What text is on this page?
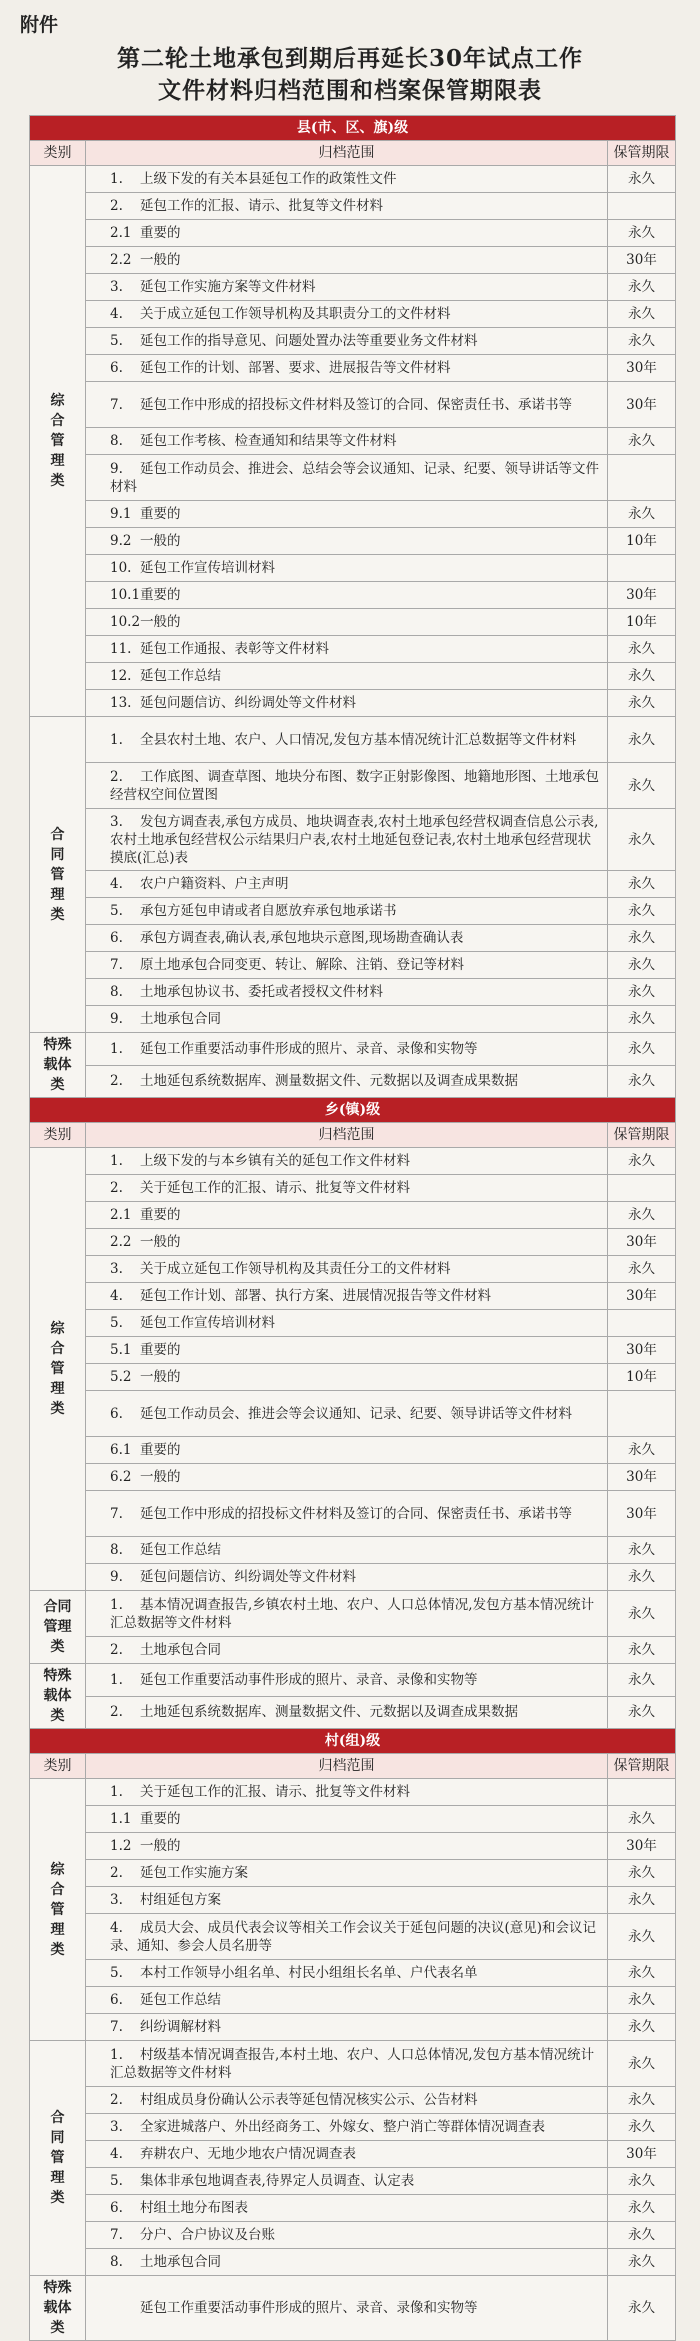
附件
第二轮土地承包到期后再延长30年试点工作
文件材料归档范围和档案保管期限表
县(市、区、旗)级		
类别	归档范围	保管期限
综合管理类	1. 上级下发的有关本县延包工作的政策性文件	永久
	2. 延包工作的汇报、请示、批复等文件材料	
	2.1 重要的	永久
	2.2 一般的	30年
	3. 延包工作实施方案等文件材料	永久
	4. 关于成立延包工作领导机构及其职责分工的文件材料	永久
	5. 延包工作的指导意见、问题处置办法等重要业务文件材料	永久
	6. 延包工作的计划、部署、要求、进展报告等文件材料	30年
	7. 延包工作中形成的招投标文件材料及签订的合同、保密责任书、承诺书等	30年
	8. 延包工作考核、检查通知和结果等文件材料	永久
	9. 延包工作动员会、推进会、总结会等会议通知、记录、纪要、领导讲话等文件材料	
	9.1 重要的	永久
	9.2 一般的	10年
	10. 延包工作宣传培训材料	
	10.1重要的	30年
	10.2一般的	10年
	11. 延包工作通报、表彰等文件材料	永久
	12. 延包工作总结	永久
	13. 延包问题信访、纠纷调处等文件材料	永久
合同管理类	1. 全县农村土地、农户、人口情况,发包方基本情况统计汇总数据等文件材料	永久
	2. 工作底图、调查草图、地块分布图、数字正射影像图、地籍地形图、土地承包经营权空间位置图	永久
	3. 发包方调查表,承包方成员、地块调查表,农村土地承包经营权调查信息公示表,农村土地承包经营权公示结果归户表,农村土地延包登记表,农村土地承包经营现状摸底(汇总)表	永久
	4. 农户户籍资料、户主声明	永久
	5. 承包方延包申请或者自愿放弃承包地承诺书	永久
	6. 承包方调查表,确认表,承包地块示意图,现场勘查确认表	永久
	7. 原土地承包合同变更、转让、解除、注销、登记等材料	永久
	8. 土地承包协议书、委托或者授权文件材料	永久
	9. 土地承包合同	永久
特殊载体类	1. 延包工作重要活动事件形成的照片、录音、录像和实物等	永久
	2. 土地延包系统数据库、测量数据文件、元数据以及调查成果数据	永久
乡(镇)级		
类别	归档范围	保管期限
综合管理类	1. 上级下发的与本乡镇有关的延包工作文件材料	永久
	2. 关于延包工作的汇报、请示、批复等文件材料	
	2.1 重要的	永久
	2.2 一般的	30年
	3. 关于成立延包工作领导机构及其责任分工的文件材料	永久
	4. 延包工作计划、部署、执行方案、进展情况报告等文件材料	30年
	5. 延包工作宣传培训材料	
	5.1 重要的	30年
	5.2 一般的	10年
	6. 延包工作动员会、推进会等会议通知、记录、纪要、领导讲话等文件材料	
	6.1 重要的	永久
	6.2 一般的	30年
	7. 延包工作中形成的招投标文件材料及签订的合同、保密责任书、承诺书等	30年
	8. 延包工作总结	永久
	9. 延包问题信访、纠纷调处等文件材料	永久
合同管理类	1. 基本情况调查报告,乡镇农村土地、农户、人口总体情况,发包方基本情况统计汇总数据等文件材料	永久
	2. 土地承包合同	永久
特殊载体类	1. 延包工作重要活动事件形成的照片、录音、录像和实物等	永久
	2. 土地延包系统数据库、测量数据文件、元数据以及调查成果数据	永久
村(组)级		
类别	归档范围	保管期限
综合管理类	1. 关于延包工作的汇报、请示、批复等文件材料	
	1.1 重要的	永久
	1.2 一般的	30年
	2. 延包工作实施方案	永久
	3. 村组延包方案	永久
	4. 成员大会、成员代表会议等相关工作会议关于延包问题的决议(意见)和会议记录、通知、参会人员名册等	永久
	5. 本村工作领导小组名单、村民小组组长名单、户代表名单	永久
	6. 延包工作总结	永久
	7. 纠纷调解材料	永久
合同管理类	1. 村级基本情况调查报告,本村土地、农户、人口总体情况,发包方基本情况统计汇总数据等文件材料	永久
	2. 村组成员身份确认公示表等延包情况核实公示、公告材料	永久
	3. 全家进城落户、外出经商务工、外嫁女、整户消亡等群体情况调查表	永久
	4. 弃耕农户、无地少地农户情况调查表	30年
	5. 集体非承包地调查表,待界定人员调查、认定表	永久
	6. 村组土地分布图表	永久
	7. 分户、合户协议及台账	永久
	8. 土地承包合同	永久
特殊载体类	延包工作重要活动事件形成的照片、录音、录像和实物等	永久
